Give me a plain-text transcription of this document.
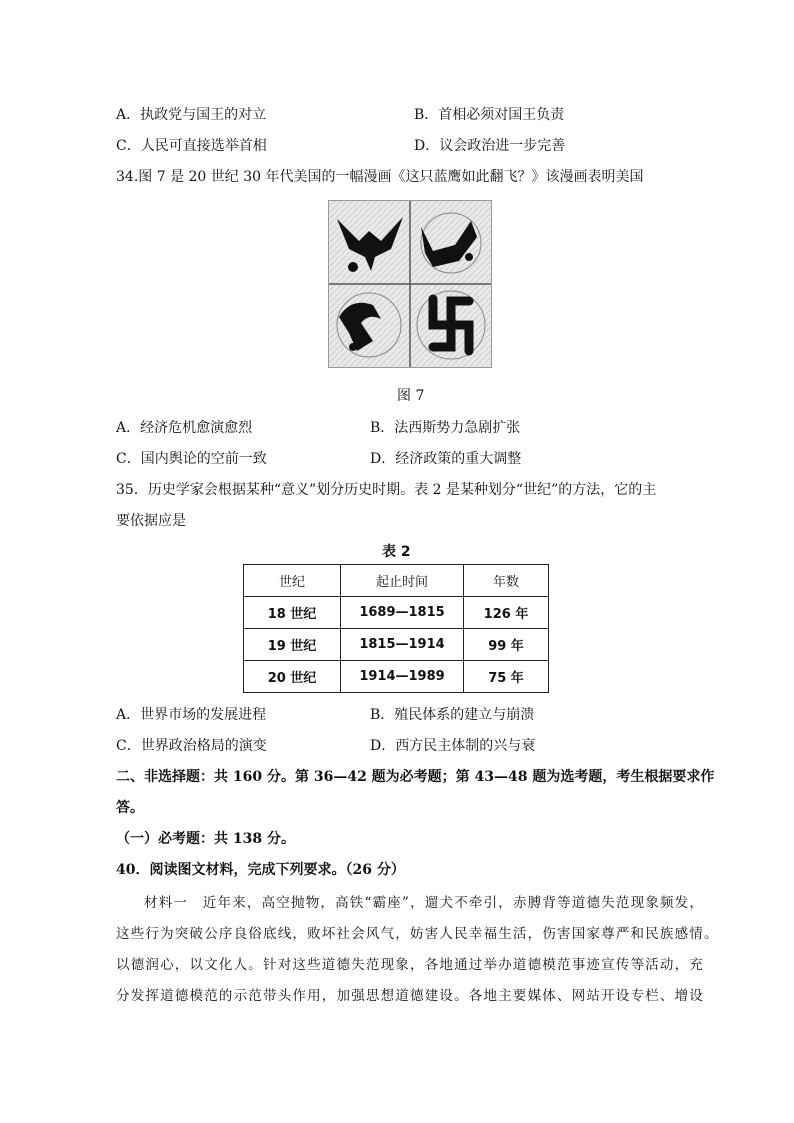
A．执政党与国王的对立	B．首相必须对国王负责
C．人民可直接选举首相	D．议会政治进一步完善
34.图 7 是 20 世纪 30 年代美国的一幅漫画《这只蓝鹰如此翻飞？》该漫画表明美国
图 7
A．经济危机愈演愈烈	B．法西斯势力急剧扩张
C．国内舆论的空前一致	D．经济政策的重大调整
35．历史学家会根据某种“意义”划分历史时期。表 2 是某种划分“世纪”的方法，它的主
要依据应是
表 2
世纪	起止时间	年数
18 世纪	1689—1815	126 年
19 世纪	1815—1914	99 年
20 世纪	1914—1989	75 年
A．世界市场的发展进程	B．殖民体系的建立与崩溃
C．世界政治格局的演变	D．西方民主体制的兴与衰
二、非选择题：共 160 分。第 36—42 题为必考题；第 43—48 题为选考题，考生根据要求作
答。
（一）必考题：共 138 分。
40．阅读图文材料，完成下列要求。（26 分）
材料一　近年来，高空抛物，高铁“霸座”，遛犬不牵引，赤膊背等道德失范现象频发，
这些行为突破公序良俗底线，败坏社会风气，妨害人民幸福生活，伤害国家尊严和民族感情。
以德润心，以文化人。针对这些道德失范现象，各地通过举办道德模范事迹宣传等活动，充
分发挥道德模范的示范带头作用，加强思想道德建设。各地主要媒体、网站开设专栏、增设
